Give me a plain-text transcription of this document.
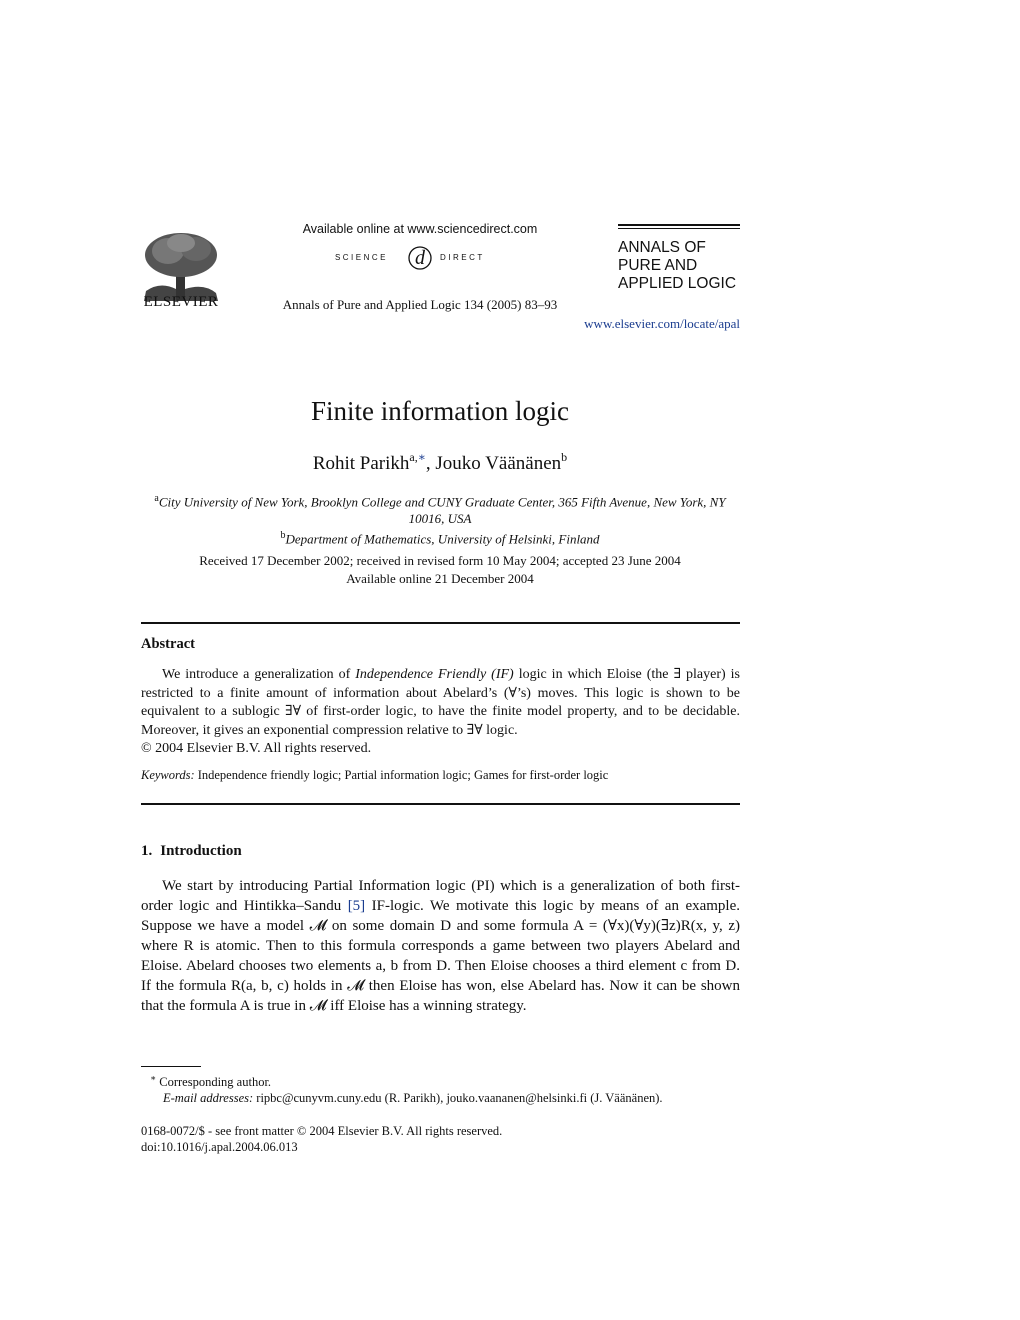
ELSEVIER
Available online at www.sciencedirect.com
SCIENCE d DIRECT
Annals of Pure and Applied Logic 134 (2005) 83–93
ANNALS OF
PURE AND
APPLIED LOGIC
www.elsevier.com/locate/apal
Finite information logic
Rohit Parikh$^{a,∗}$, Jouko Väänänen$^b$
$^a$City University of New York, Brooklyn College and CUNY Graduate Center, 365 Fifth Avenue, New York, NY 10016, USA
$^b$Department of Mathematics, University of Helsinki, Finland
Received 17 December 2002; received in revised form 10 May 2004; accepted 23 June 2004
Available online 21 December 2004
Abstract

We introduce a generalization of Independence Friendly (IF) logic in which Eloise (the ∃ player) is restricted to a finite amount of information about Abelard’s (∀’s) moves. This logic is shown to be equivalent to a sublogic ∃∀ of first-order logic, to have the finite model property, and to be decidable. Moreover, it gives an exponential compression relative to ∃∀ logic.

© 2004 Elsevier B.V. All rights reserved.
Keywords: Independence friendly logic; Partial information logic; Games for first-order logic
1. Introduction

We start by introducing Partial Information logic (PI) which is a generalization of both first-order logic and Hintikka–Sandu [5] IF-logic. We motivate this logic by means of an example. Suppose we have a model 𝓜 on some domain D and some formula A = (∀x)(∀y)(∃z)R(x, y, z) where R is atomic. Then to this formula corresponds a game between two players Abelard and Eloise. Abelard chooses two elements a, b from D. Then Eloise chooses a third element c from D. If the formula R(a, b, c) holds in 𝓜 then Eloise has won, else Abelard has. Now it can be shown that the formula A is true in 𝓜 iff Eloise has a winning strategy.

∗ Corresponding author.
E-mail addresses: ripbc@cunyvm.cuny.edu (R. Parikh), jouko.vaananen@helsinki.fi (J. Väänänen).
0168-0072/$ - see front matter © 2004 Elsevier B.V. All rights reserved.
doi:10.1016/j.apal.2004.06.013
